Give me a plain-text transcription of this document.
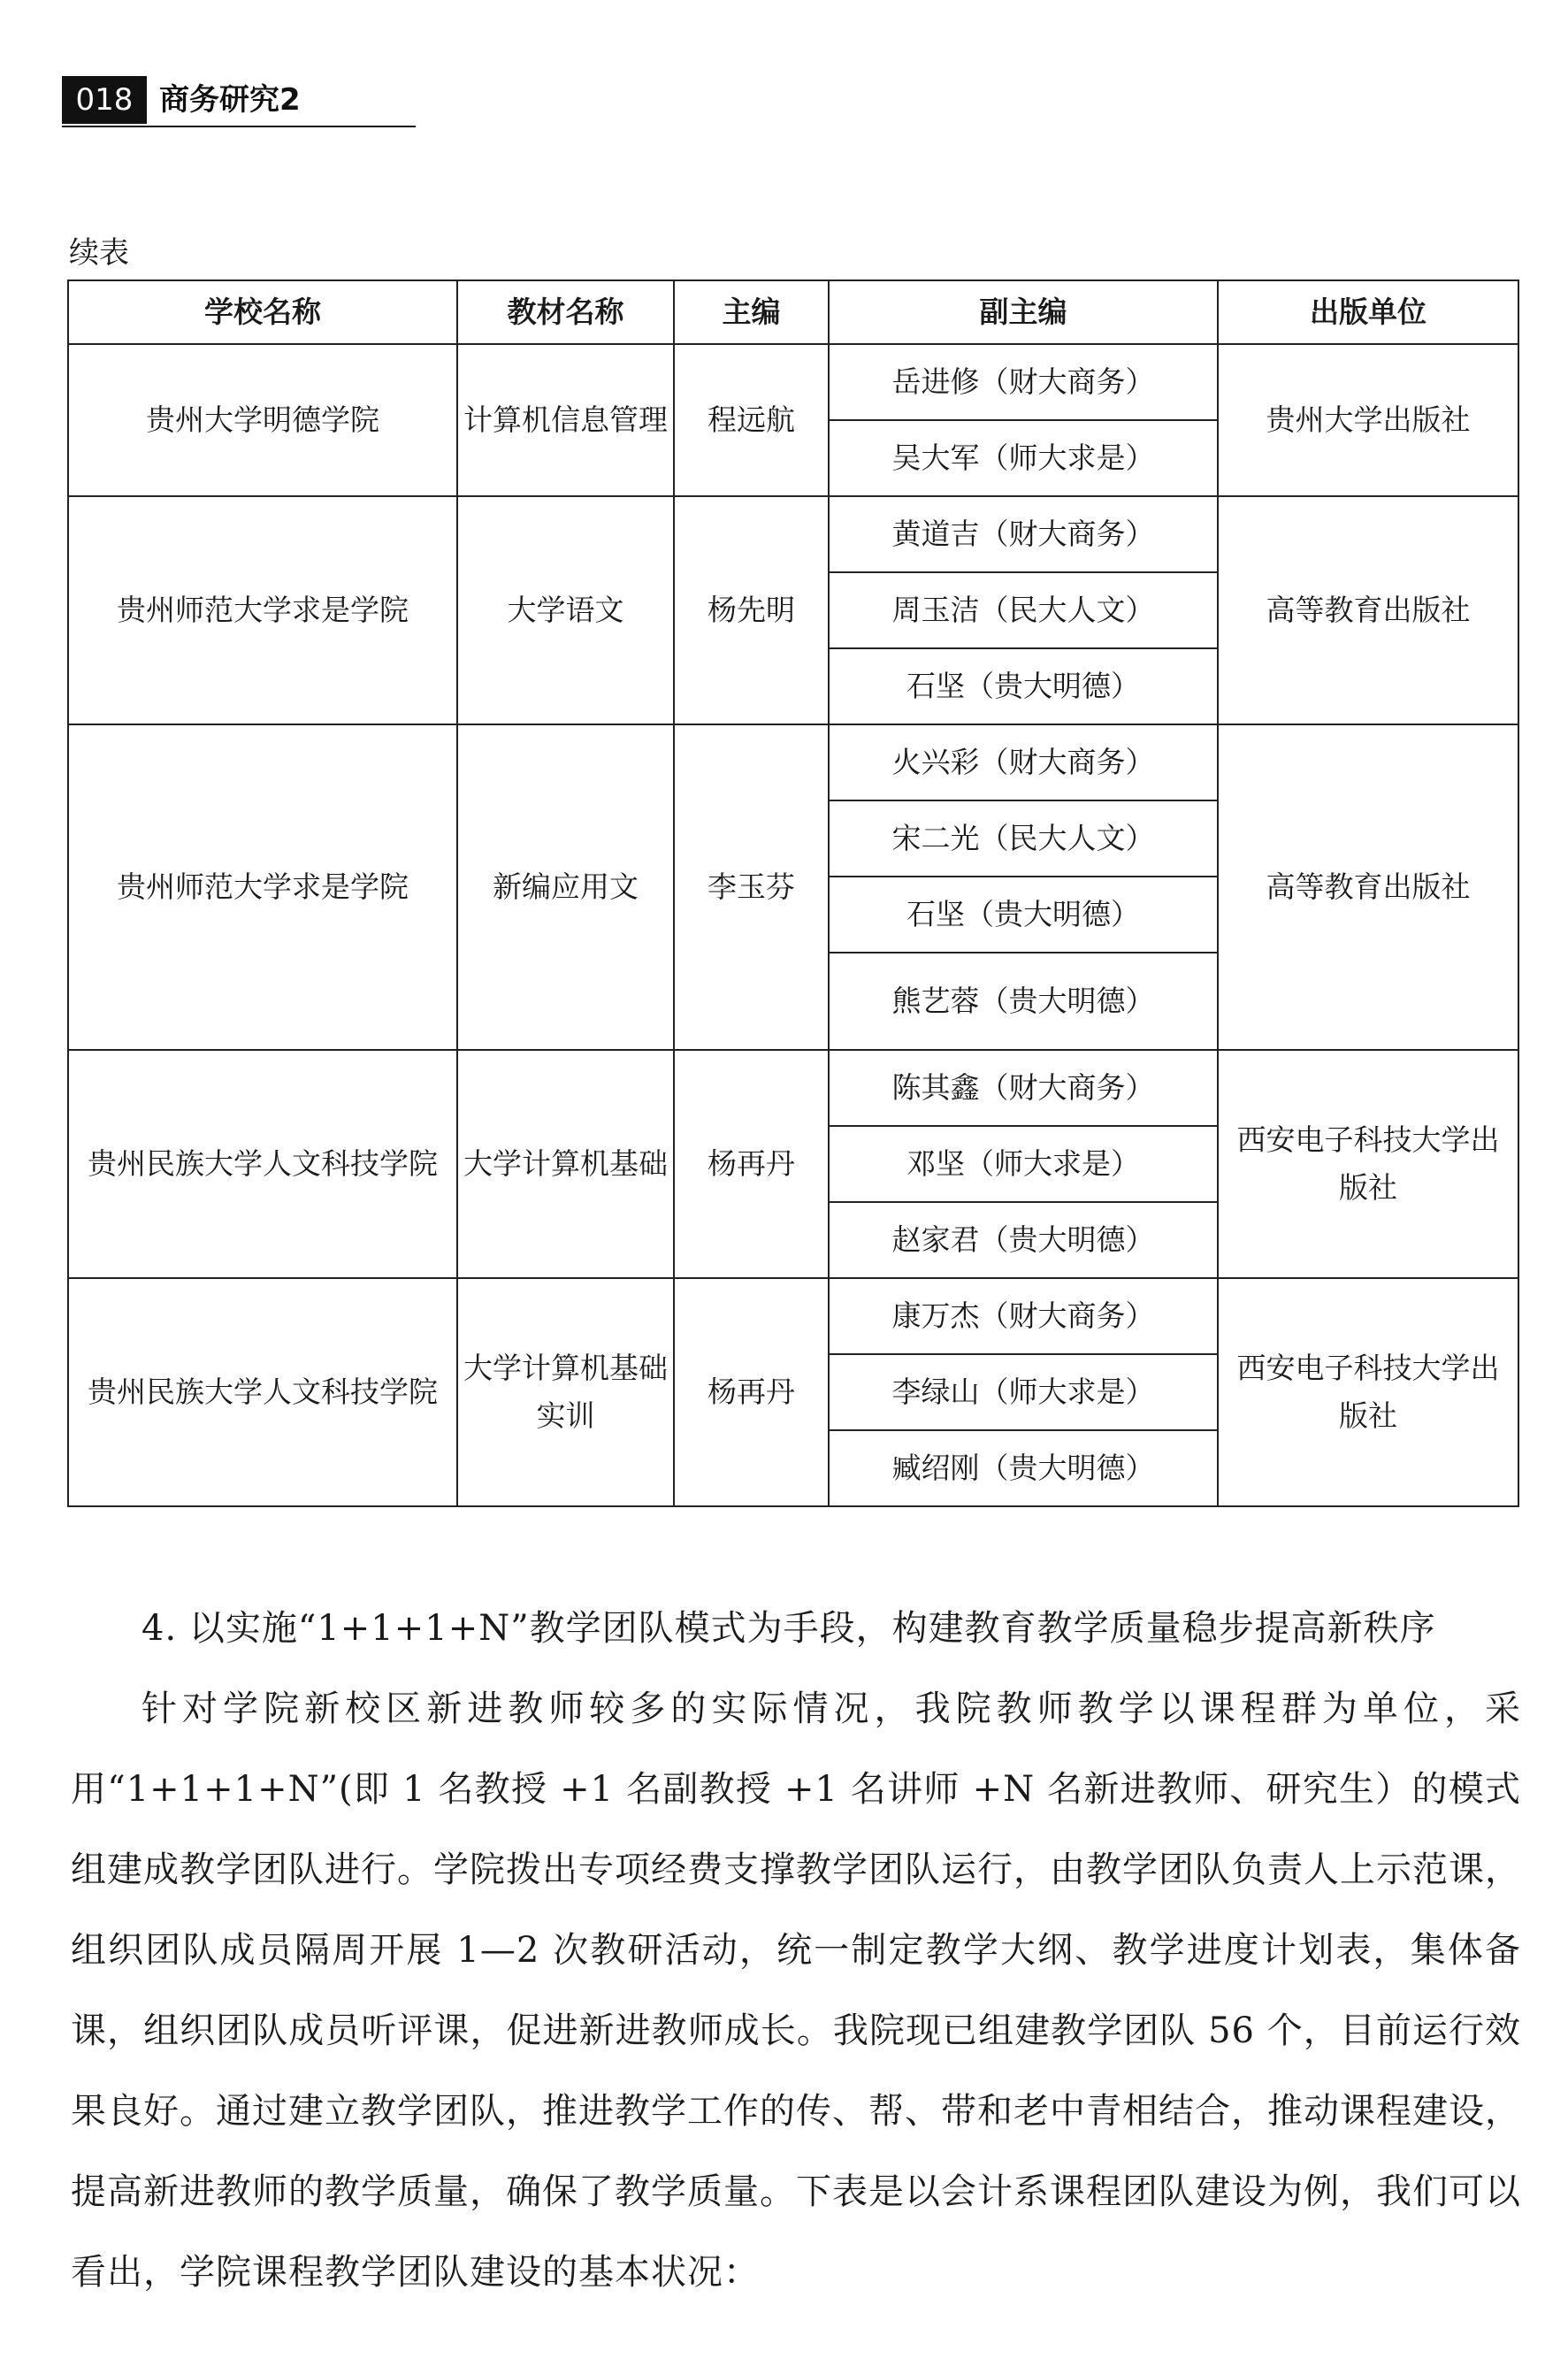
018 商务研究2
续表
学校名称	教材名称	主编	副主编	出版单位
贵州大学明德学院	计算机信息管理	程远航	岳进修（财大商务）	贵州大学出版社
			吴大军（师大求是）	
贵州师范大学求是学院	大学语文	杨先明	黄道吉（财大商务）	高等教育出版社
			周玉洁（民大人文）	
			石坚（贵大明德）	
贵州师范大学求是学院	新编应用文	李玉芬	火兴彩（财大商务）	高等教育出版社
			宋二光（民大人文）	
			石坚（贵大明德）	
			熊艺蓉（贵大明德）	
贵州民族大学人文科技学院	大学计算机基础	杨再丹	陈其鑫（财大商务）	西安电子科技大学出版社
			邓坚（师大求是）	
			赵家君（贵大明德）	
贵州民族大学人文科技学院	大学计算机基础实训	杨再丹	康万杰（财大商务）	西安电子科技大学出版社
			李绿山（师大求是）	
			臧绍刚（贵大明德）	

4. 以实施“1+1+1+N”教学团队模式为手段，构建教育教学质量稳步提高新秩序

针对学院新校区新进教师较多的实际情况，我院教师教学以课程群为单位，采用“1+1+1+N”(即 1 名教授 +1 名副教授 +1 名讲师 +N 名新进教师、研究生）的模式组建成教学团队进行。学院拨出专项经费支撑教学团队运行，由教学团队负责人上示范课，组织团队成员隔周开展 1—2 次教研活动，统一制定教学大纲、教学进度计划表，集体备课，组织团队成员听评课，促进新进教师成长。我院现已组建教学团队 56 个，目前运行效果良好。通过建立教学团队，推进教学工作的传、帮、带和老中青相结合，推动课程建设，提高新进教师的教学质量，确保了教学质量。下表是以会计系课程团队建设为例，我们可以看出，学院课程教学团队建设的基本状况：
